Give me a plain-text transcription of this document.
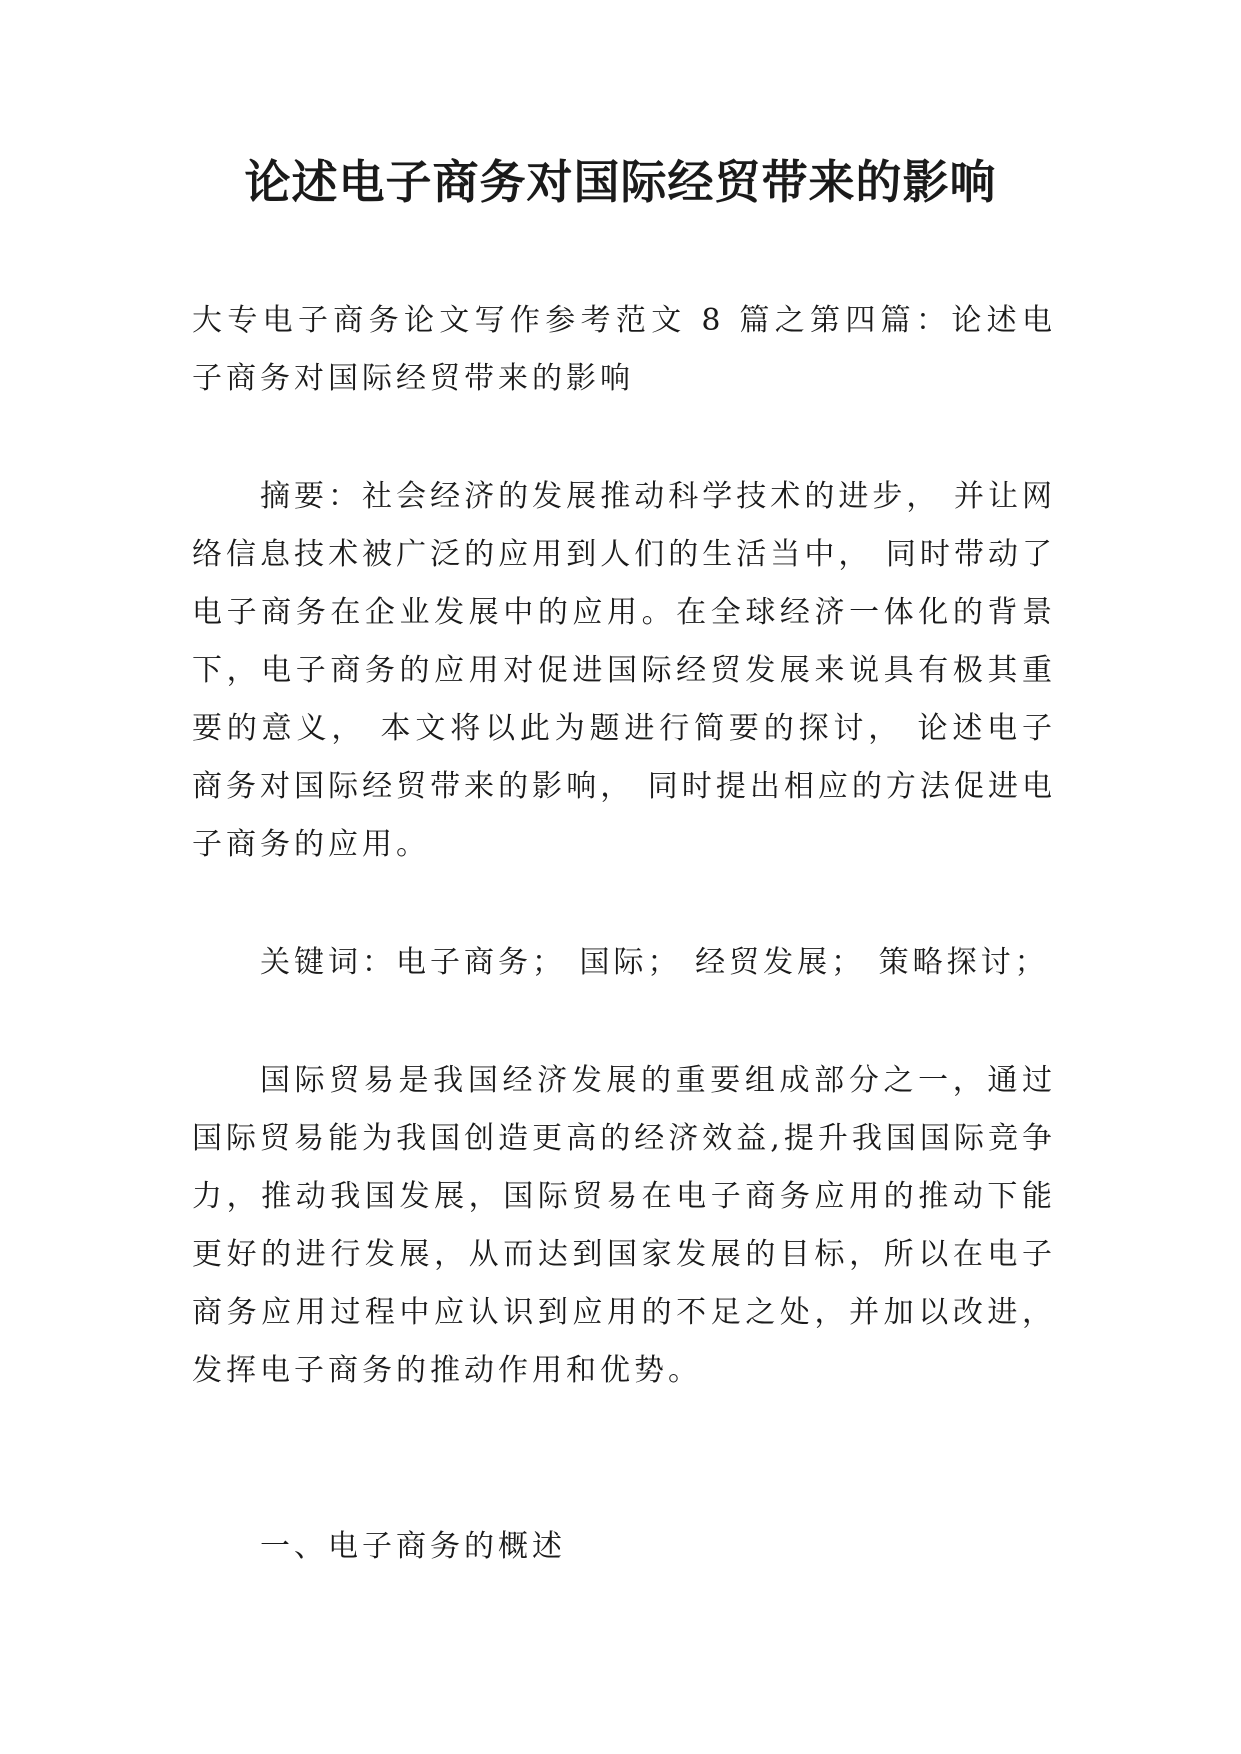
论述电子商务对国际经贸带来的影响

大专电子商务论文写作参考范文 8 篇之第四篇：论述电子商务对国际经贸带来的影响

摘要：社会经济的发展推动科学技术的进步， 并让网络信息技术被广泛的应用到人们的生活当中， 同时带动了电子商务在企业发展中的应用。在全球经济一体化的背景下，电子商务的应用对促进国际经贸发展来说具有极其重要的意义， 本文将以此为题进行简要的探讨， 论述电子商务对国际经贸带来的影响， 同时提出相应的方法促进电子商务的应用。

关键词：电子商务； 国际； 经贸发展； 策略探讨；

国际贸易是我国经济发展的重要组成部分之一，通过国际贸易能为我国创造更高的经济效益,提升我国国际竞争力，推动我国发展，国际贸易在电子商务应用的推动下能更好的进行发展，从而达到国家发展的目标，所以在电子商务应用过程中应认识到应用的不足之处，并加以改进，发挥电子商务的推动作用和优势。

一、电子商务的概述
